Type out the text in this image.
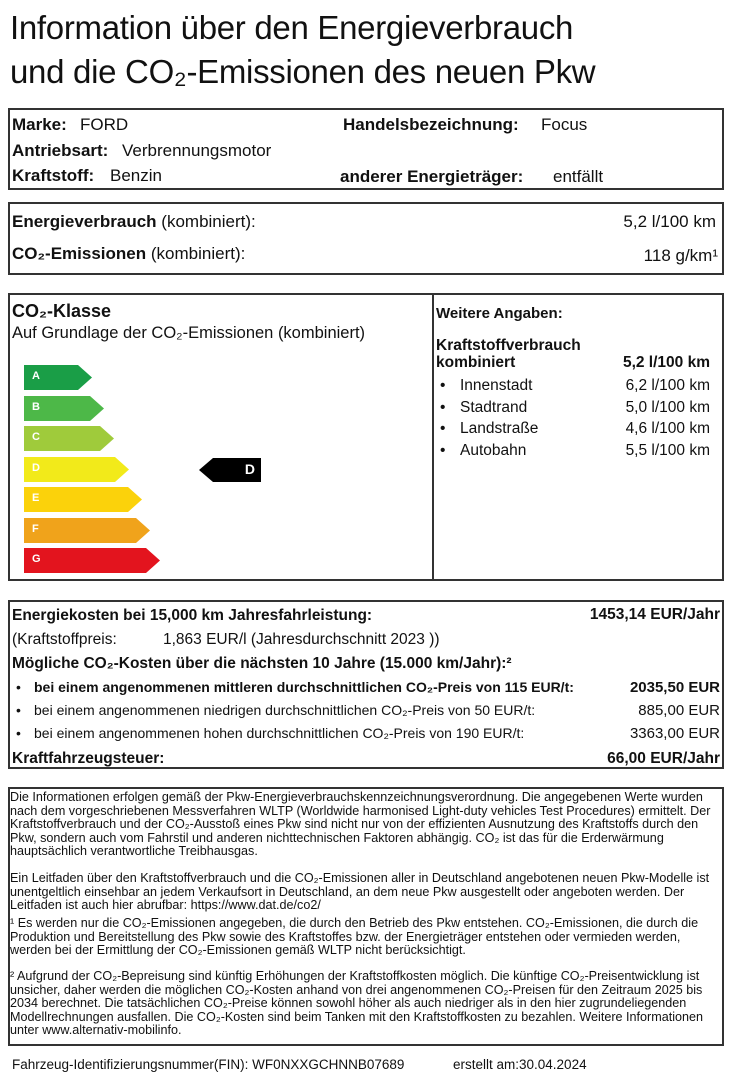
Information über den Energieverbrauch
und die CO₂-Emissionen des neuen Pkw
Marke: FORD	Handelsbezeichnung: Focus
Antriebsart: Verbrennungsmotor
Kraftstoff: Benzin	anderer Energieträger: entfällt
Energieverbrauch (kombiniert):	5,2 l/100 km
CO₂-Emissionen (kombiniert):	118 g/km¹
CO₂-Klasse
Auf Grundlage der CO₂-Emissionen (kombiniert)
A
B
C
D
E
F
G
D
Weitere Angaben:
Kraftstoffverbrauch
kombiniert	5,2 l/100 km
• Innenstadt	6,2 l/100 km
• Stadtrand	5,0 l/100 km
• Landstraße	4,6 l/100 km
• Autobahn	5,5 l/100 km
Energiekosten bei 15,000 km Jahresfahrleistung:	1453,14 EUR/Jahr
(Kraftstoffpreis:	1,863 EUR/l (Jahresdurchschnitt 2023 ))
Mögliche CO₂-Kosten über die nächsten 10 Jahre (15.000 km/Jahr):²
• bei einem angenommenen mittleren durchschnittlichen CO₂-Preis von 115 EUR/t:	2035,50 EUR
• bei einem angenommenen niedrigen durchschnittlichen CO₂-Preis von 50 EUR/t:	885,00 EUR
• bei einem angenommenen hohen durchschnittlichen CO₂-Preis von 190 EUR/t:	3363,00 EUR
Kraftfahrzeugsteuer:	66,00 EUR/Jahr
Die Informationen erfolgen gemäß der Pkw-Energieverbrauchskennzeichnungsverordnung. Die angegebenen Werte wurden nach dem vorgeschriebenen Messverfahren WLTP (Worldwide harmonised Light-duty vehicles Test Procedures) ermittelt. Der Kraftstoffverbrauch und der CO₂-Ausstoß eines Pkw sind nicht nur von der effizienten Ausnutzung des Kraftstoffs durch den Pkw, sondern auch vom Fahrstil und anderen nichttechnischen Faktoren abhängig. CO₂ ist das für die Erderwärmung hauptsächlich verantwortliche Treibhausgas.
Ein Leitfaden über den Kraftstoffverbrauch und die CO₂-Emissionen aller in Deutschland angebotenen neuen Pkw-Modelle ist unentgeltlich einsehbar an jedem Verkaufsort in Deutschland, an dem neue Pkw ausgestellt oder angeboten werden. Der Leitfaden ist auch hier abrufbar: https://www.dat.de/co2/
¹ Es werden nur die CO₂-Emissionen angegeben, die durch den Betrieb des Pkw entstehen. CO₂-Emissionen, die durch die Produktion und Bereitstellung des Pkw sowie des Kraftstoffes bzw. der Energieträger entstehen oder vermieden werden, werden bei der Ermittlung der CO₂-Emissionen gemäß WLTP nicht berücksichtigt.
² Aufgrund der CO₂-Bepreisung sind künftig Erhöhungen der Kraftstoffkosten möglich. Die künftige CO₂-Preisentwicklung ist unsicher, daher werden die möglichen CO₂-Kosten anhand von drei angenommenen CO₂-Preisen für den Zeitraum 2025 bis 2034 berechnet. Die tatsächlichen CO₂-Preise können sowohl höher als auch niedriger als in den hier zugrundeliegenden Modellrechnungen ausfallen. Die CO₂-Kosten sind beim Tanken mit den Kraftstoffkosten zu bezahlen. Weitere Informationen unter www.alternativ-mobilinfo.
Fahrzeug-Identifizierungsnummer(FIN): WF0NXXGCHNNB07689	erstellt am:30.04.2024
